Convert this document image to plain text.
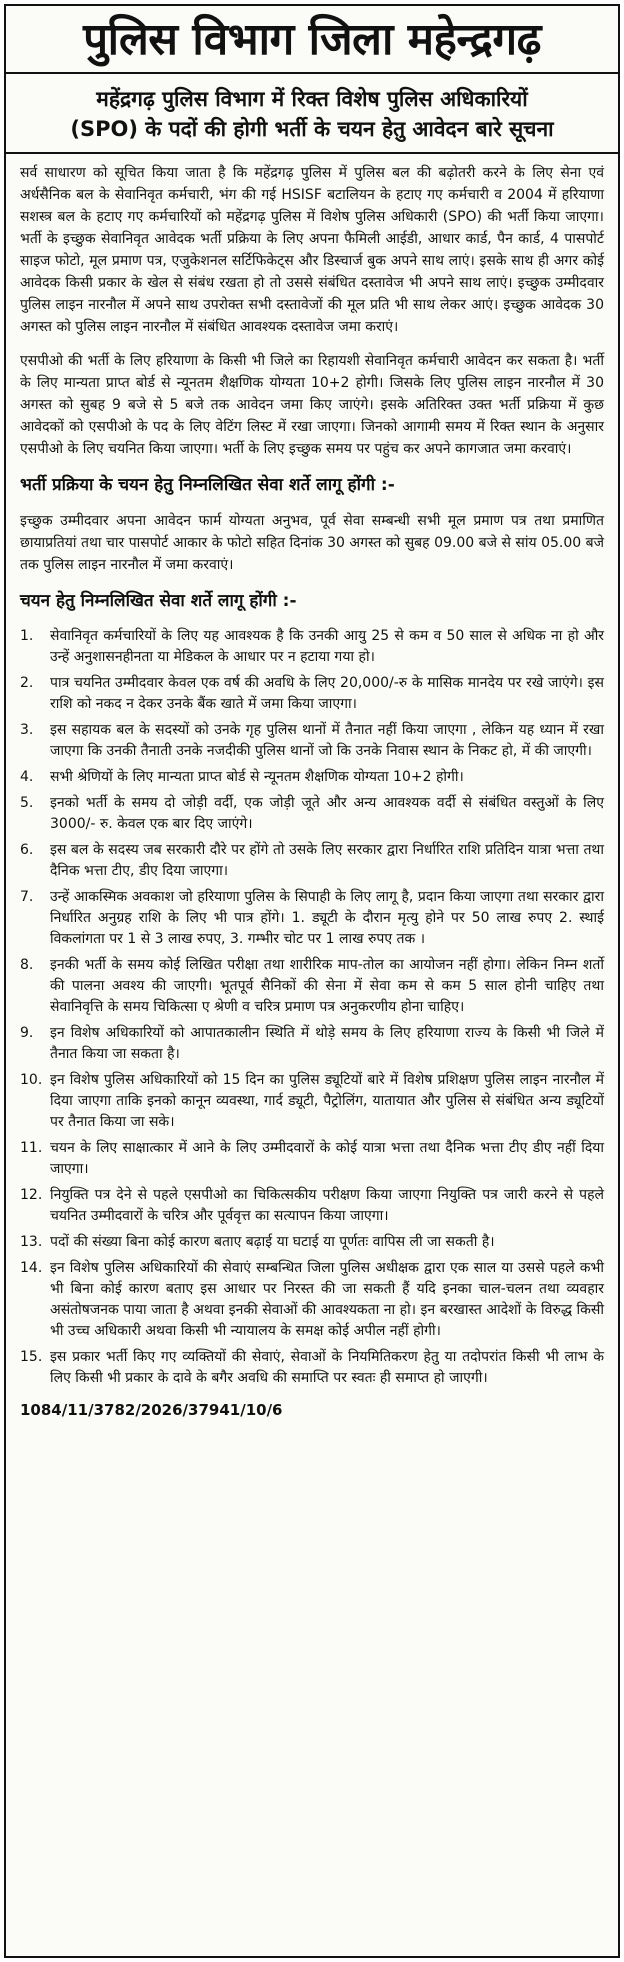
पुलिस विभाग जिला महेन्द्रगढ़
महेंद्रगढ़ पुलिस विभाग में रिक्त विशेष पुलिस अधिकारियों
(SPO) के पदों की होगी भर्ती के चयन हेतु आवेदन बारे सूचना

सर्व साधारण को सूचित किया जाता है कि महेंद्रगढ़ पुलिस में पुलिस बल की बढ़ोतरी करने के लिए सेना एवं अर्धसैनिक बल के सेवानिवृत कर्मचारी, भंग की गई HSISF बटालियन के हटाए गए कर्मचारी व 2004 में हरियाणा सशस्त्र बल के हटाए गए कर्मचारियों को महेंद्रगढ़ पुलिस में विशेष पुलिस अधिकारी (SPO) की भर्ती किया जाएगा। भर्ती के इच्छुक सेवानिवृत आवेदक भर्ती प्रक्रिया के लिए अपना फैमिली आईडी, आधार कार्ड, पैन कार्ड, 4 पासपोर्ट साइज फोटो, मूल प्रमाण पत्र, एजुकेशनल सर्टिफिकेट्स और डिस्चार्ज बुक अपने साथ लाएं। इसके साथ ही अगर कोई आवेदक किसी प्रकार के खेल से संबंध रखता हो तो उससे संबंधित दस्तावेज भी अपने साथ लाएं। इच्छुक उम्मीदवार पुलिस लाइन नारनौल में अपने साथ उपरोक्त सभी दस्तावेजों की मूल प्रति भी साथ लेकर आएं। इच्छुक आवेदक 30 अगस्त को पुलिस लाइन नारनौल में संबंधित आवश्यक दस्तावेज जमा कराएं।

एसपीओ की भर्ती के लिए हरियाणा के किसी भी जिले का रिहायशी सेवानिवृत कर्मचारी आवेदन कर सकता है। भर्ती के लिए मान्यता प्राप्त बोर्ड से न्यूनतम शैक्षणिक योग्यता 10+2 होगी। जिसके लिए पुलिस लाइन नारनौल में 30 अगस्त को सुबह 9 बजे से 5 बजे तक आवेदन जमा किए जाएंगे। इसके अतिरिक्त उक्त भर्ती प्रक्रिया में कुछ आवेदकों को एसपीओ के पद के लिए वेटिंग लिस्ट में रखा जाएगा। जिनको आगामी समय में रिक्त स्थान के अनुसार एसपीओ के लिए चयनित किया जाएगा। भर्ती के लिए इच्छुक समय पर पहुंच कर अपने कागजात जमा करवाएं।

भर्ती प्रक्रिया के चयन हेतु निम्नलिखित सेवा शर्ते लागू होंगी :-

इच्छुक उम्मीदवार अपना आवेदन फार्म योग्यता अनुभव, पूर्व सेवा सम्बन्धी सभी मूल प्रमाण पत्र तथा प्रमाणित छायाप्रतियां तथा चार पासपोर्ट आकार के फोटो सहित दिनांक 30 अगस्त को सुबह 09.00 बजे से सांय 05.00 बजे तक पुलिस लाइन नारनौल में जमा करवाएं।

चयन हेतु निम्नलिखित सेवा शर्ते लागू होंगी :-
1.	सेवानिवृत कर्मचारियों के लिए यह आवश्यक है कि उनकी आयु 25 से कम व 50 साल से अधिक ना हो और उन्हें अनुशासनहीनता या मेडिकल के आधार पर न हटाया गया हो।
2.	पात्र चयनित उम्मीदवार केवल एक वर्ष की अवधि के लिए 20,000/-रु के मासिक मानदेय पर रखे जाएंगे। इस राशि को नकद न देकर उनके बैंक खाते में जमा किया जाएगा।
3.	इस सहायक बल के सदस्यों को उनके गृह पुलिस थानों में तैनात नहीं किया जाएगा , लेकिन यह ध्यान में रखा जाएगा कि उनकी तैनाती उनके नजदीकी पुलिस थानों जो कि उनके निवास स्थान के निकट हो, में की जाएगी।
4.	सभी श्रेणियों के लिए मान्यता प्राप्त बोर्ड से न्यूनतम शैक्षणिक योग्यता 10+2 होगी।
5.	इनको भर्ती के समय दो जोड़ी वर्दी, एक जोड़ी जूते और अन्य आवश्यक वर्दी से संबंधित वस्तुओं के लिए 3000/- रु. केवल एक बार दिए जाएंगे।
6.	इस बल के सदस्य जब सरकारी दौरे पर होंगे तो उसके लिए सरकार द्वारा निर्धारित राशि प्रतिदिन यात्रा भत्ता तथा दैनिक भत्ता टीए, डीए दिया जाएगा।
7.	उन्हें आकस्मिक अवकाश जो हरियाणा पुलिस के सिपाही के लिए लागू है, प्रदान किया जाएगा तथा सरकार द्वारा निर्धारित अनुग्रह राशि के लिए भी पात्र होंगे। 1. ड्यूटी के दौरान मृत्यु होने पर 50 लाख रुपए 2. स्थाई विकलांगता पर 1 से 3 लाख रुपए, 3. गम्भीर चोट पर 1 लाख रुपए तक ।
8.	इनकी भर्ती के समय कोई लिखित परीक्षा तथा शारीरिक माप-तोल का आयोजन नहीं होगा। लेकिन निम्न शर्तो की पालना अवश्य की जाएगी। भूतपूर्व सैनिकों की सेना में सेवा कम से कम 5 साल होनी चाहिए तथा सेवानिवृत्ति के समय चिकित्सा ए श्रेणी व चरित्र प्रमाण पत्र अनुकरणीय होना चाहिए।
9.	इन विशेष अधिकारियों को आपातकालीन स्थिति में थोड़े समय के लिए हरियाणा राज्य के किसी भी जिले में तैनात किया जा सकता है।
10. इन विशेष पुलिस अधिकारियों को 15 दिन का पुलिस ड्यूटियों बारे में विशेष प्रशिक्षण पुलिस लाइन नारनौल में दिया जाएगा ताकि इनको कानून व्यवस्था, गार्द ड्यूटी, पैट्रोलिंग, यातायात और पुलिस से संबंधित अन्य ड्यूटियों पर तैनात किया जा सके।
11. चयन के लिए साक्षात्कार में आने के लिए उम्मीदवारों के कोई यात्रा भत्ता तथा दैनिक भत्ता टीए डीए नहीं दिया जाएगा।
12. नियुक्ति पत्र देने से पहले एसपीओ का चिकित्सकीय परीक्षण किया जाएगा नियुक्ति पत्र जारी करने से पहले चयनित उम्मीदवारों के चरित्र और पूर्ववृत्त का सत्यापन किया जाएगा।
13. पदों की संख्या बिना कोई कारण बताए बढ़ाई या घटाई या पूर्णतः वापिस ली जा सकती है।
14. इन विशेष पुलिस अधिकारियों की सेवाएं सम्बन्धित जिला पुलिस अधीक्षक द्वारा एक साल या उससे पहले कभी भी बिना कोई कारण बताए इस आधार पर निरस्त की जा सकती हैं यदि इनका चाल-चलन तथा व्यवहार असंतोषजनक पाया जाता है अथवा इनकी सेवाओं की आवश्यकता ना हो। इन बरखास्त आदेशों के विरुद्ध किसी भी उच्च अधिकारी अथवा किसी भी न्यायालय के समक्ष कोई अपील नहीं होगी।
15. इस प्रकार भर्ती किए गए व्यक्तियों की सेवाएं, सेवाओं के नियमितिकरण हेतु या तदोपरांत किसी भी लाभ के लिए किसी भी प्रकार के दावे के बगैर अवधि की समाप्ति पर स्वतः ही समाप्त हो जाएगी।
1084/11/3782/2026/37941/10/6
